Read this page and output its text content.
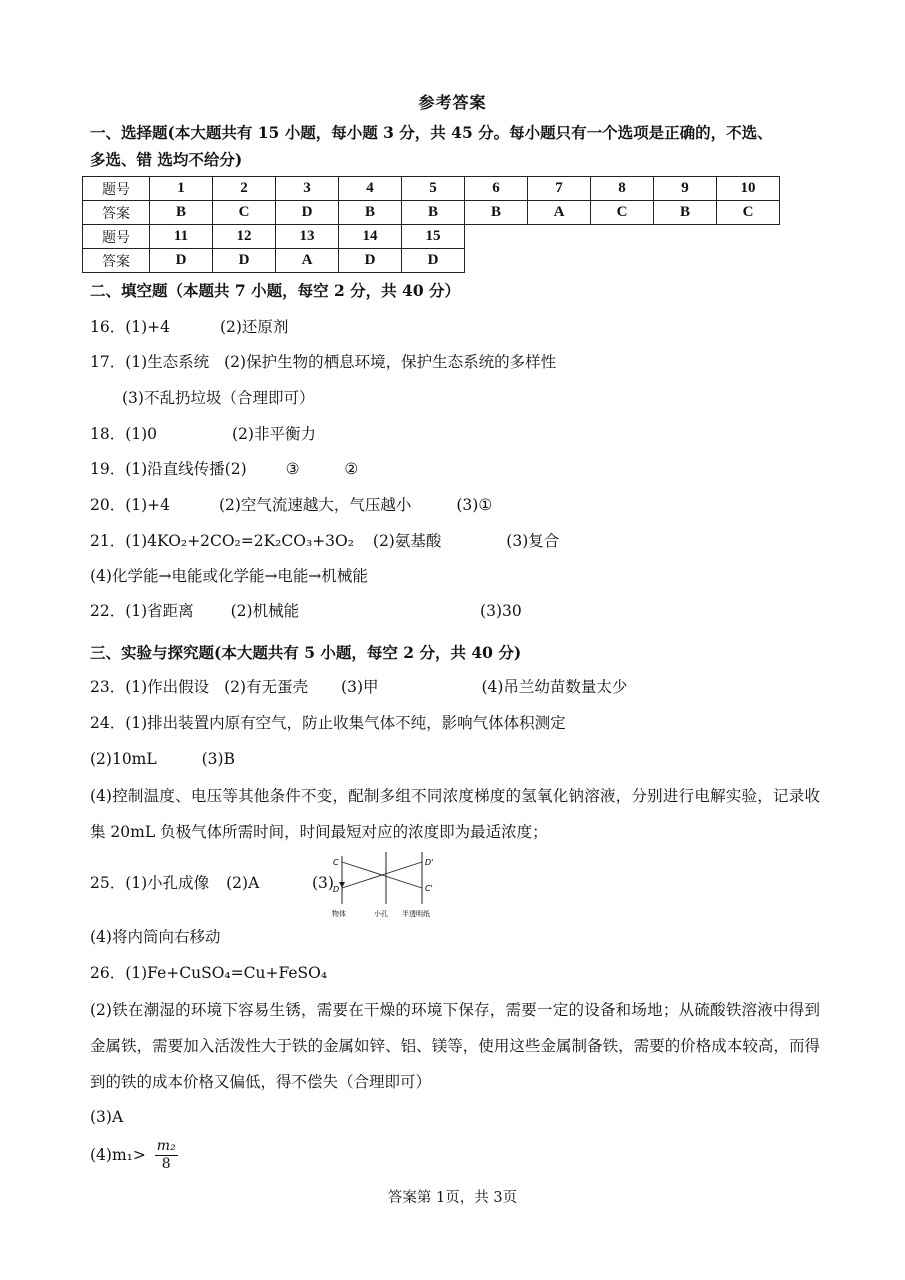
参考答案
一、选择题(本大题共有 15 小题，每小题 3 分，共 45 分。每小题只有一个选项是正确的，不选、
多选、错 选均不给分)
题号	1	2	3	4	5	6	7	8	9	10
答案	B	C	D	B	B	B	A	C	B	C
题号	11	12	13	14	15					
答案	D	D	A	D	D					
二、填空题（本题共 7 小题，每空 2 分，共 40 分）
16．(1)+4	(2)还原剂
17．(1)生态系统 (2)保护生物的栖息环境，保护生态系统的多样性
(3)不乱扔垃圾（合理即可）
18．(1)0	(2)非平衡力
19．(1)沿直线传播(2)	③	②
20．(1)+4	(2)空气流速越大，气压越小	(3)①
21．(1)4KO₂+2CO₂=2K₂CO₃+3O₂ (2)氨基酸	(3)复合
(4)化学能→电能或化学能→电能→机械能
22．(1)省距离 (2)机械能	(3)30
三、实验与探究题(本大题共有 5 小题，每空 2 分，共 40 分)
23．(1)作出假设 (2)有无蛋壳 (3)甲	(4)吊兰幼苗数量太少
24．(1)排出装置内原有空气，防止收集气体不纯，影响气体体积测定
(2)10mL	(3)B
(4)控制温度、电压等其他条件不变，配制多组不同浓度梯度的氢氧化钠溶液，分别进行电解实验，记录收集 20mL 负极气体所需时间，时间最短对应的浓度即为最适浓度；
25．(1)小孔成像 (2)A	(3)
C
D
D'
C'
物体	小孔 半透明纸
(4)将内筒向右移动
26．(1)Fe+CuSO₄=Cu+FeSO₄
(2)铁在潮湿的环境下容易生锈，需要在干燥的环境下保存，需要一定的设备和场地；从硫酸铁溶液中得到金属铁，需要加入活泼性大于铁的金属如锌、铝、镁等，使用这些金属制备铁，需要的价格成本较高，而得到的铁的成本价格又偏低，得不偿失（合理即可）
(3)A
$(4)m_1> \frac{\text{m₂}}{8}$
答案第 1页，共 3页
